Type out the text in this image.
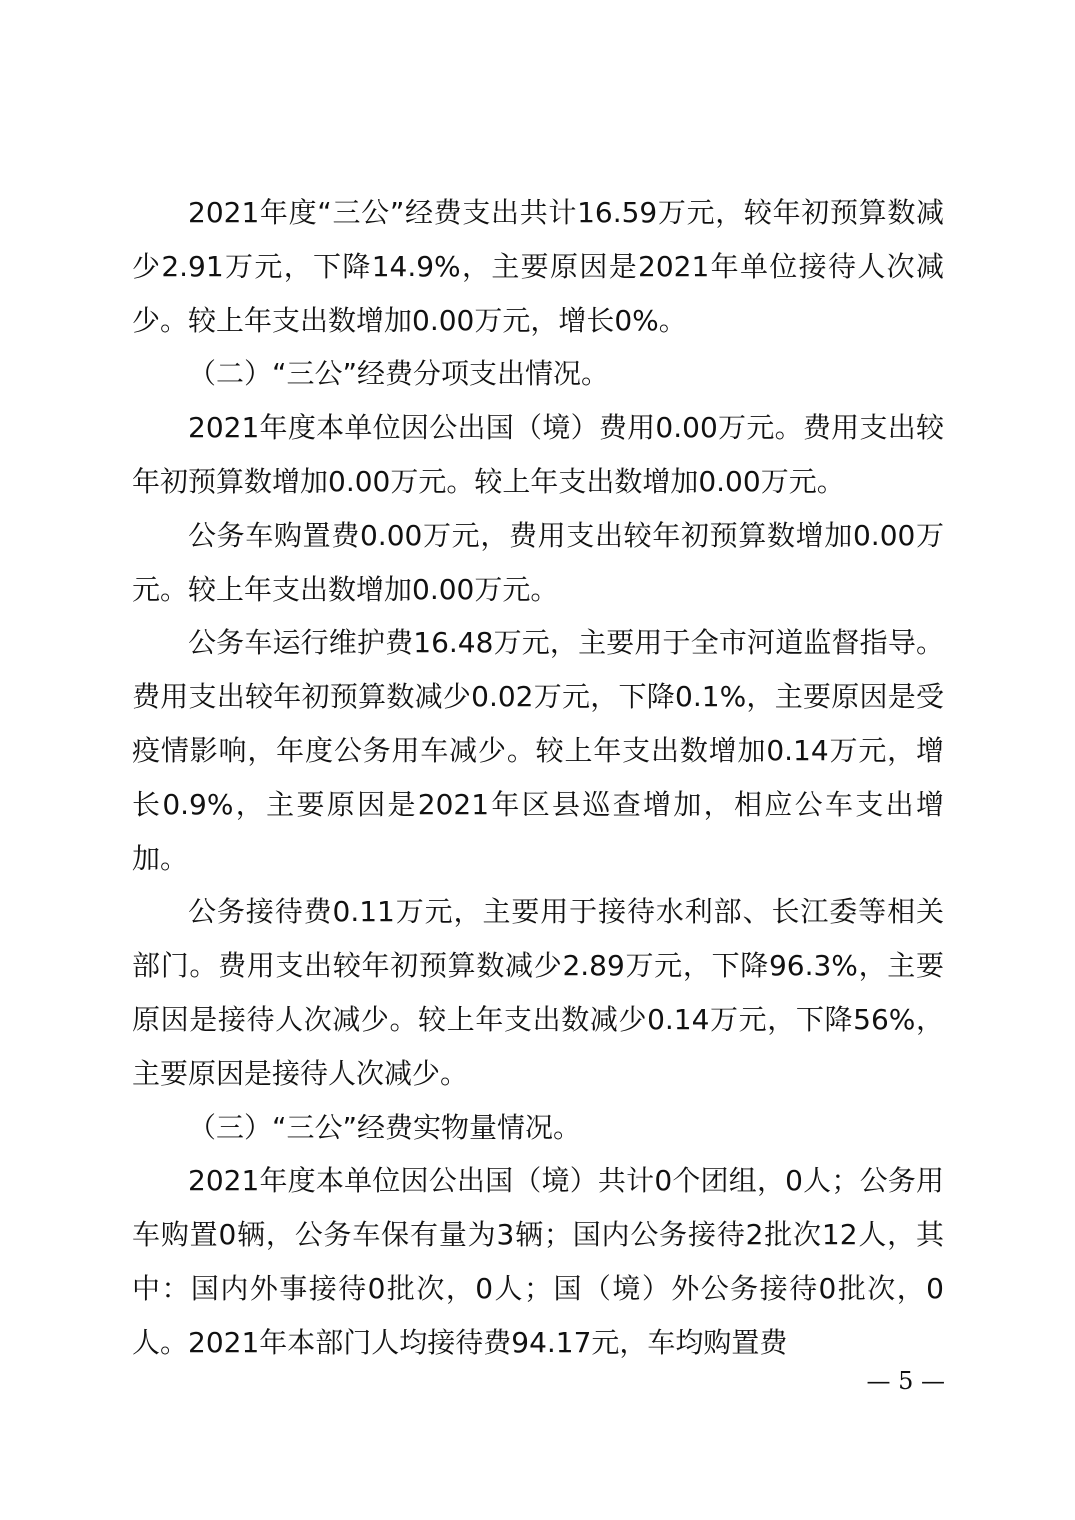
2021年度“三公”经费支出共计16.59万元，较年初预算数减少2.91万元，下降14.9%，主要原因是2021年单位接待人次减少。较上年支出数增加0.00万元，增长0%。

（二）“三公”经费分项支出情况。

2021年度本单位因公出国（境）费用0.00万元。费用支出较年初预算数增加0.00万元。较上年支出数增加0.00万元。

公务车购置费0.00万元，费用支出较年初预算数增加0.00万元。较上年支出数增加0.00万元。

公务车运行维护费16.48万元，主要用于全市河道监督指导。费用支出较年初预算数减少0.02万元，下降0.1%，主要原因是受疫情影响，年度公务用车减少。较上年支出数增加0.14万元，增长0.9%，主要原因是2021年区县巡查增加，相应公车支出增加。

公务接待费0.11万元，主要用于接待水利部、长江委等相关部门。费用支出较年初预算数减少2.89万元，下降96.3%，主要原因是接待人次减少。较上年支出数减少0.14万元，下降56%，主要原因是接待人次减少。

（三）“三公”经费实物量情况。

2021年度本单位因公出国（境）共计0个团组，0人；公务用车购置0辆，公务车保有量为3辆；国内公务接待2批次12人，其中：国内外事接待0批次，0人；国（境）外公务接待0批次，0人。2021年本部门人均接待费94.17元，车均购置费

— 5 —
